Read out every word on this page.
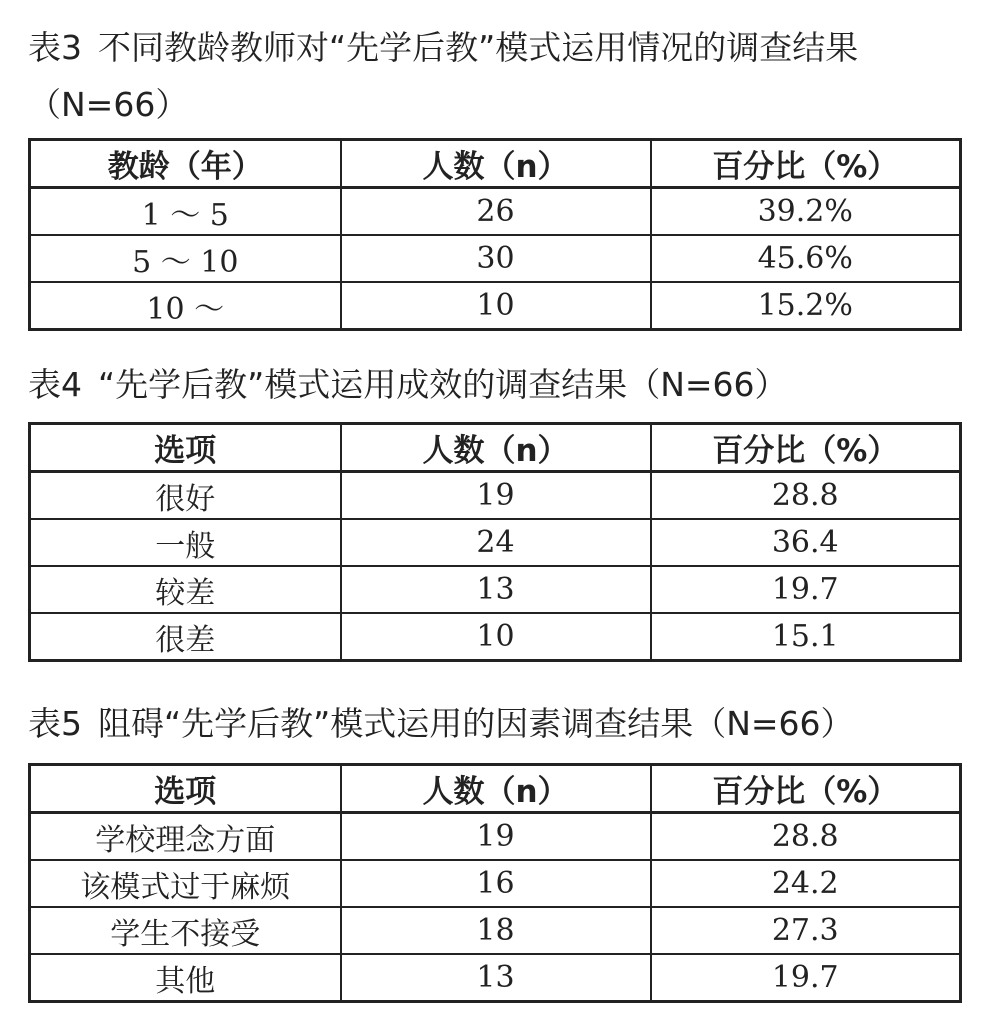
表3 不同教龄教师对“先学后教”模式运用情况的调查结果
（N=66）
教龄（年）	人数（n）	百分比（%）
1 ～ 5	26	39.2%
5 ～ 10	30	45.6%
10 ～	10	15.2%
表4 “先学后教”模式运用成效的调查结果（N=66）
选项	人数（n）	百分比（%）
很好	19	28.8
一般	24	36.4
较差	13	19.7
很差	10	15.1
表5 阻碍“先学后教”模式运用的因素调查结果（N=66）
选项	人数（n）	百分比（%）
学校理念方面	19	28.8
该模式过于麻烦	16	24.2
学生不接受	18	27.3
其他	13	19.7
